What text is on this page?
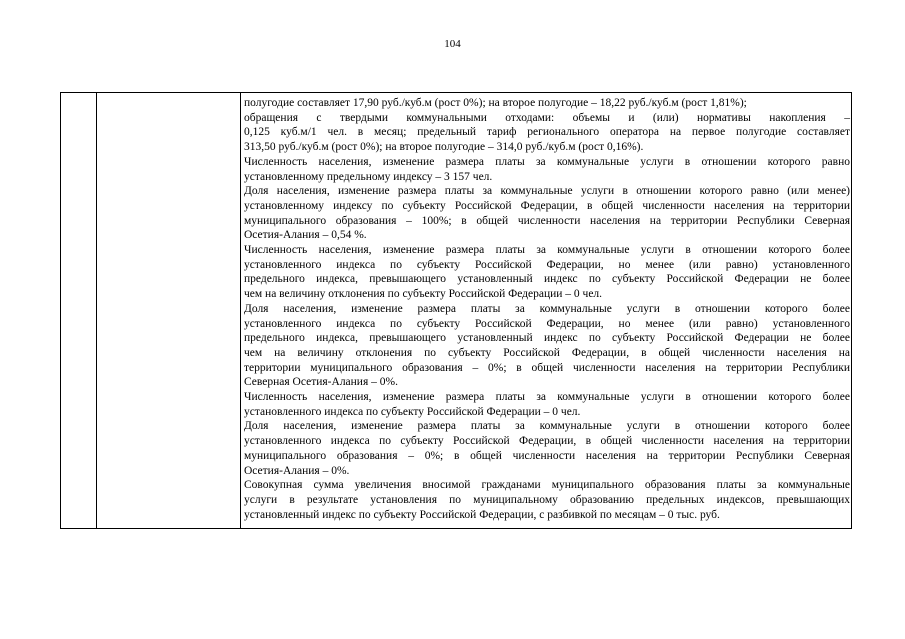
104
полугодие составляет 17,90 руб./куб.м (рост 0%); на второе полугодие – 18,22 руб./куб.м (рост 1,81%);
обращения с твердыми коммунальными отходами: объемы и (или) нормативы накопления –
0,125 куб.м/1 чел. в месяц; предельный тариф регионального оператора на первое полугодие составляет
313,50 руб./куб.м (рост 0%); на второе полугодие – 314,0 руб./куб.м (рост 0,16%).
Численность населения, изменение размера платы за коммунальные услуги в отношении которого равно
установленному предельному индексу – 3 157 чел.
Доля населения, изменение размера платы за коммунальные услуги в отношении которого равно (или менее)
установленному индексу по субъекту Российской Федерации, в общей численности населения на территории
муниципального образования – 100%; в общей численности населения на территории Республики Северная
Осетия-Алания – 0,54 %.
Численность населения, изменение размера платы за коммунальные услуги в отношении которого более
установленного индекса по субъекту Российской Федерации, но менее (или равно) установленного
предельного индекса, превышающего установленный индекс по субъекту Российской Федерации не более
чем на величину отклонения по субъекту Российской Федерации – 0 чел.
Доля населения, изменение размера платы за коммунальные услуги в отношении которого более
установленного индекса по субъекту Российской Федерации, но менее (или равно) установленного
предельного индекса, превышающего установленный индекс по субъекту Российской Федерации не более
чем на величину отклонения по субъекту Российской Федерации, в общей численности населения на
территории муниципального образования – 0%; в общей численности населения на территории Республики
Северная Осетия-Алания – 0%.
Численность населения, изменение размера платы за коммунальные услуги в отношении которого более
установленного индекса по субъекту Российской Федерации – 0 чел.
Доля населения, изменение размера платы за коммунальные услуги в отношении которого более
установленного индекса по субъекту Российской Федерации, в общей численности населения на территории
муниципального образования – 0%; в общей численности населения на территории Республики Северная
Осетия-Алания – 0%.
Совокупная сумма увеличения вносимой гражданами муниципального образования платы за коммунальные
услуги в результате установления по муниципальному образованию предельных индексов, превышающих
установленный индекс по субъекту Российской Федерации, с разбивкой по месяцам – 0 тыс. руб.
